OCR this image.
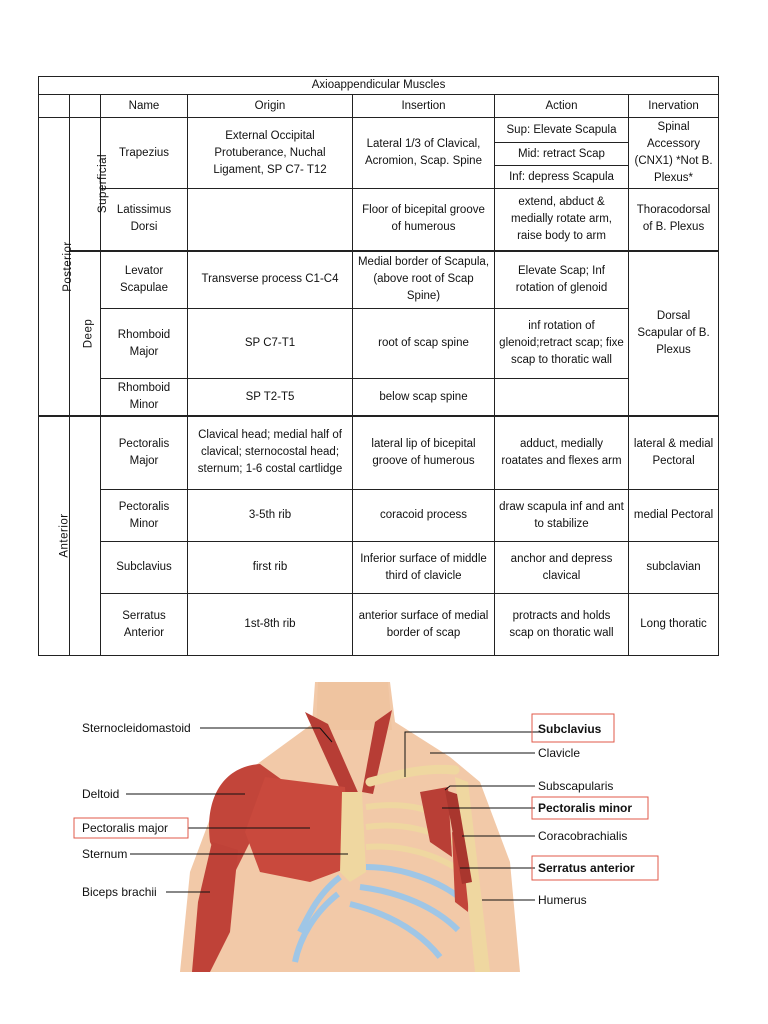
Axioappendicular Muscles						
		Name	Origin	Insertion	Action	Inervation
Posterior	Superficial	Trapezius	External Occipital Protuberance, Nuchal Ligament, SP C7- T12	Lateral 1/3 of Clavical, Acromion, Scap. Spine	Sup: Elevate Scapula	Spinal Accessory (CNX1) *Not B. Plexus*
					Mid: retract Scap	
					Inf: depress Scapula	
		Latissimus Dorsi		Floor of bicepital groove of humerous	extend, abduct & medially rotate arm, raise body to arm	Thoracodorsal of B. Plexus
	Deep	Levator Scapulae	Transverse process C1-C4	Medial border of Scapula, (above root of Scap Spine)	Elevate Scap; Inf rotation of glenoid	Dorsal Scapular of B. Plexus
		Rhomboid Major	SP C7-T1	root of scap spine	inf rotation of glenoid;retract scap; fixe scap to thoratic wall	
		Rhomboid Minor	SP T2-T5	below scap spine		

Anterior		Pectoralis Major	Clavical head; medial half of clavical; sternocostal head; sternum; 1-6 costal cartlidge	lateral lip of bicepital groove of humerous	adduct, medially roatates and flexes arm	lateral & medial Pectoral
		Pectoralis Minor	3-5th rib	coracoid process	draw scapula inf and ant to stabilize	medial Pectoral
		Subclavius	first rib	Inferior surface of middle third of clavicle	anchor and depress clavical	subclavian
		Serratus Anterior	1st-8th rib	anterior surface of medial border of scap	protracts and holds scap on thoratic wall	Long thoratic
Sternocleidomastoid
Deltoid
Pectoralis major
Sternum
Biceps brachii
Subclavius
Clavicle
Subscapularis
Pectoralis minor
Coracobrachialis
Serratus anterior
Humerus
